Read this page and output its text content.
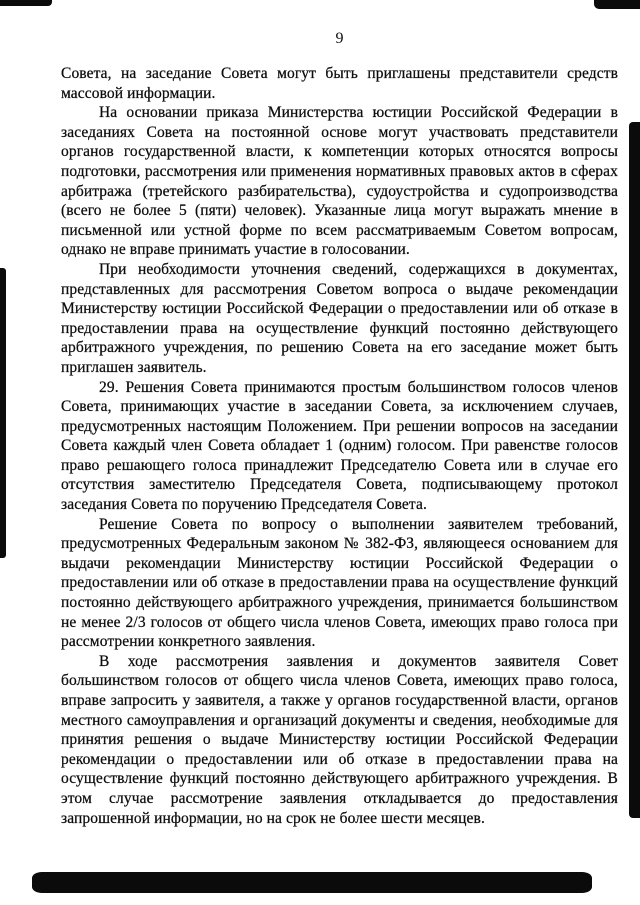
9

Совета, на заседание Совета могут быть приглашены представители средств массовой информации.

На основании приказа Министерства юстиции Российской Федерации в заседаниях Совета на постоянной основе могут участвовать представители органов государственной власти, к компетенции которых относятся вопросы подготовки, рассмотрения или применения нормативных правовых актов в сферах арбитража (третейского разбирательства), судоустройства и судопроизводства (всего не более 5 (пяти) человек). Указанные лица могут выражать мнение в письменной или устной форме по всем рассматриваемым Советом вопросам, однако не вправе принимать участие в голосовании.

При необходимости уточнения сведений, содержащихся в документах, представленных для рассмотрения Советом вопроса о выдаче рекомендации Министерству юстиции Российской Федерации о предоставлении или об отказе в предоставлении права на осуществление функций постоянно действующего арбитражного учреждения, по решению Совета на его заседание может быть приглашен заявитель.

29. Решения Совета принимаются простым большинством голосов членов Совета, принимающих участие в заседании Совета, за исключением случаев, предусмотренных настоящим Положением. При решении вопросов на заседании Совета каждый член Совета обладает 1 (одним) голосом. При равенстве голосов право решающего голоса принадлежит Председателю Совета или в случае его отсутствия заместителю Председателя Совета, подписывающему протокол заседания Совета по поручению Председателя Совета.

Решение Совета по вопросу о выполнении заявителем требований, предусмотренных Федеральным законом № 382-ФЗ, являющееся основанием для выдачи рекомендации Министерству юстиции Российской Федерации о предоставлении или об отказе в предоставлении права на осуществление функций постоянно действующего арбитражного учреждения, принимается большинством не менее 2/3 голосов от общего числа членов Совета, имеющих право голоса при рассмотрении конкретного заявления.

В ходе рассмотрения заявления и документов заявителя Совет большинством голосов от общего числа членов Совета, имеющих право голоса, вправе запросить у заявителя, а также у органов государственной власти, органов местного самоуправления и организаций документы и сведения, необходимые для принятия решения о выдаче Министерству юстиции Российской Федерации рекомендации о предоставлении или об отказе в предоставлении права на осуществление функций постоянно действующего арбитражного учреждения. В этом случае рассмотрение заявления откладывается до предоставления запрошенной информации, но на срок не более шести месяцев.
